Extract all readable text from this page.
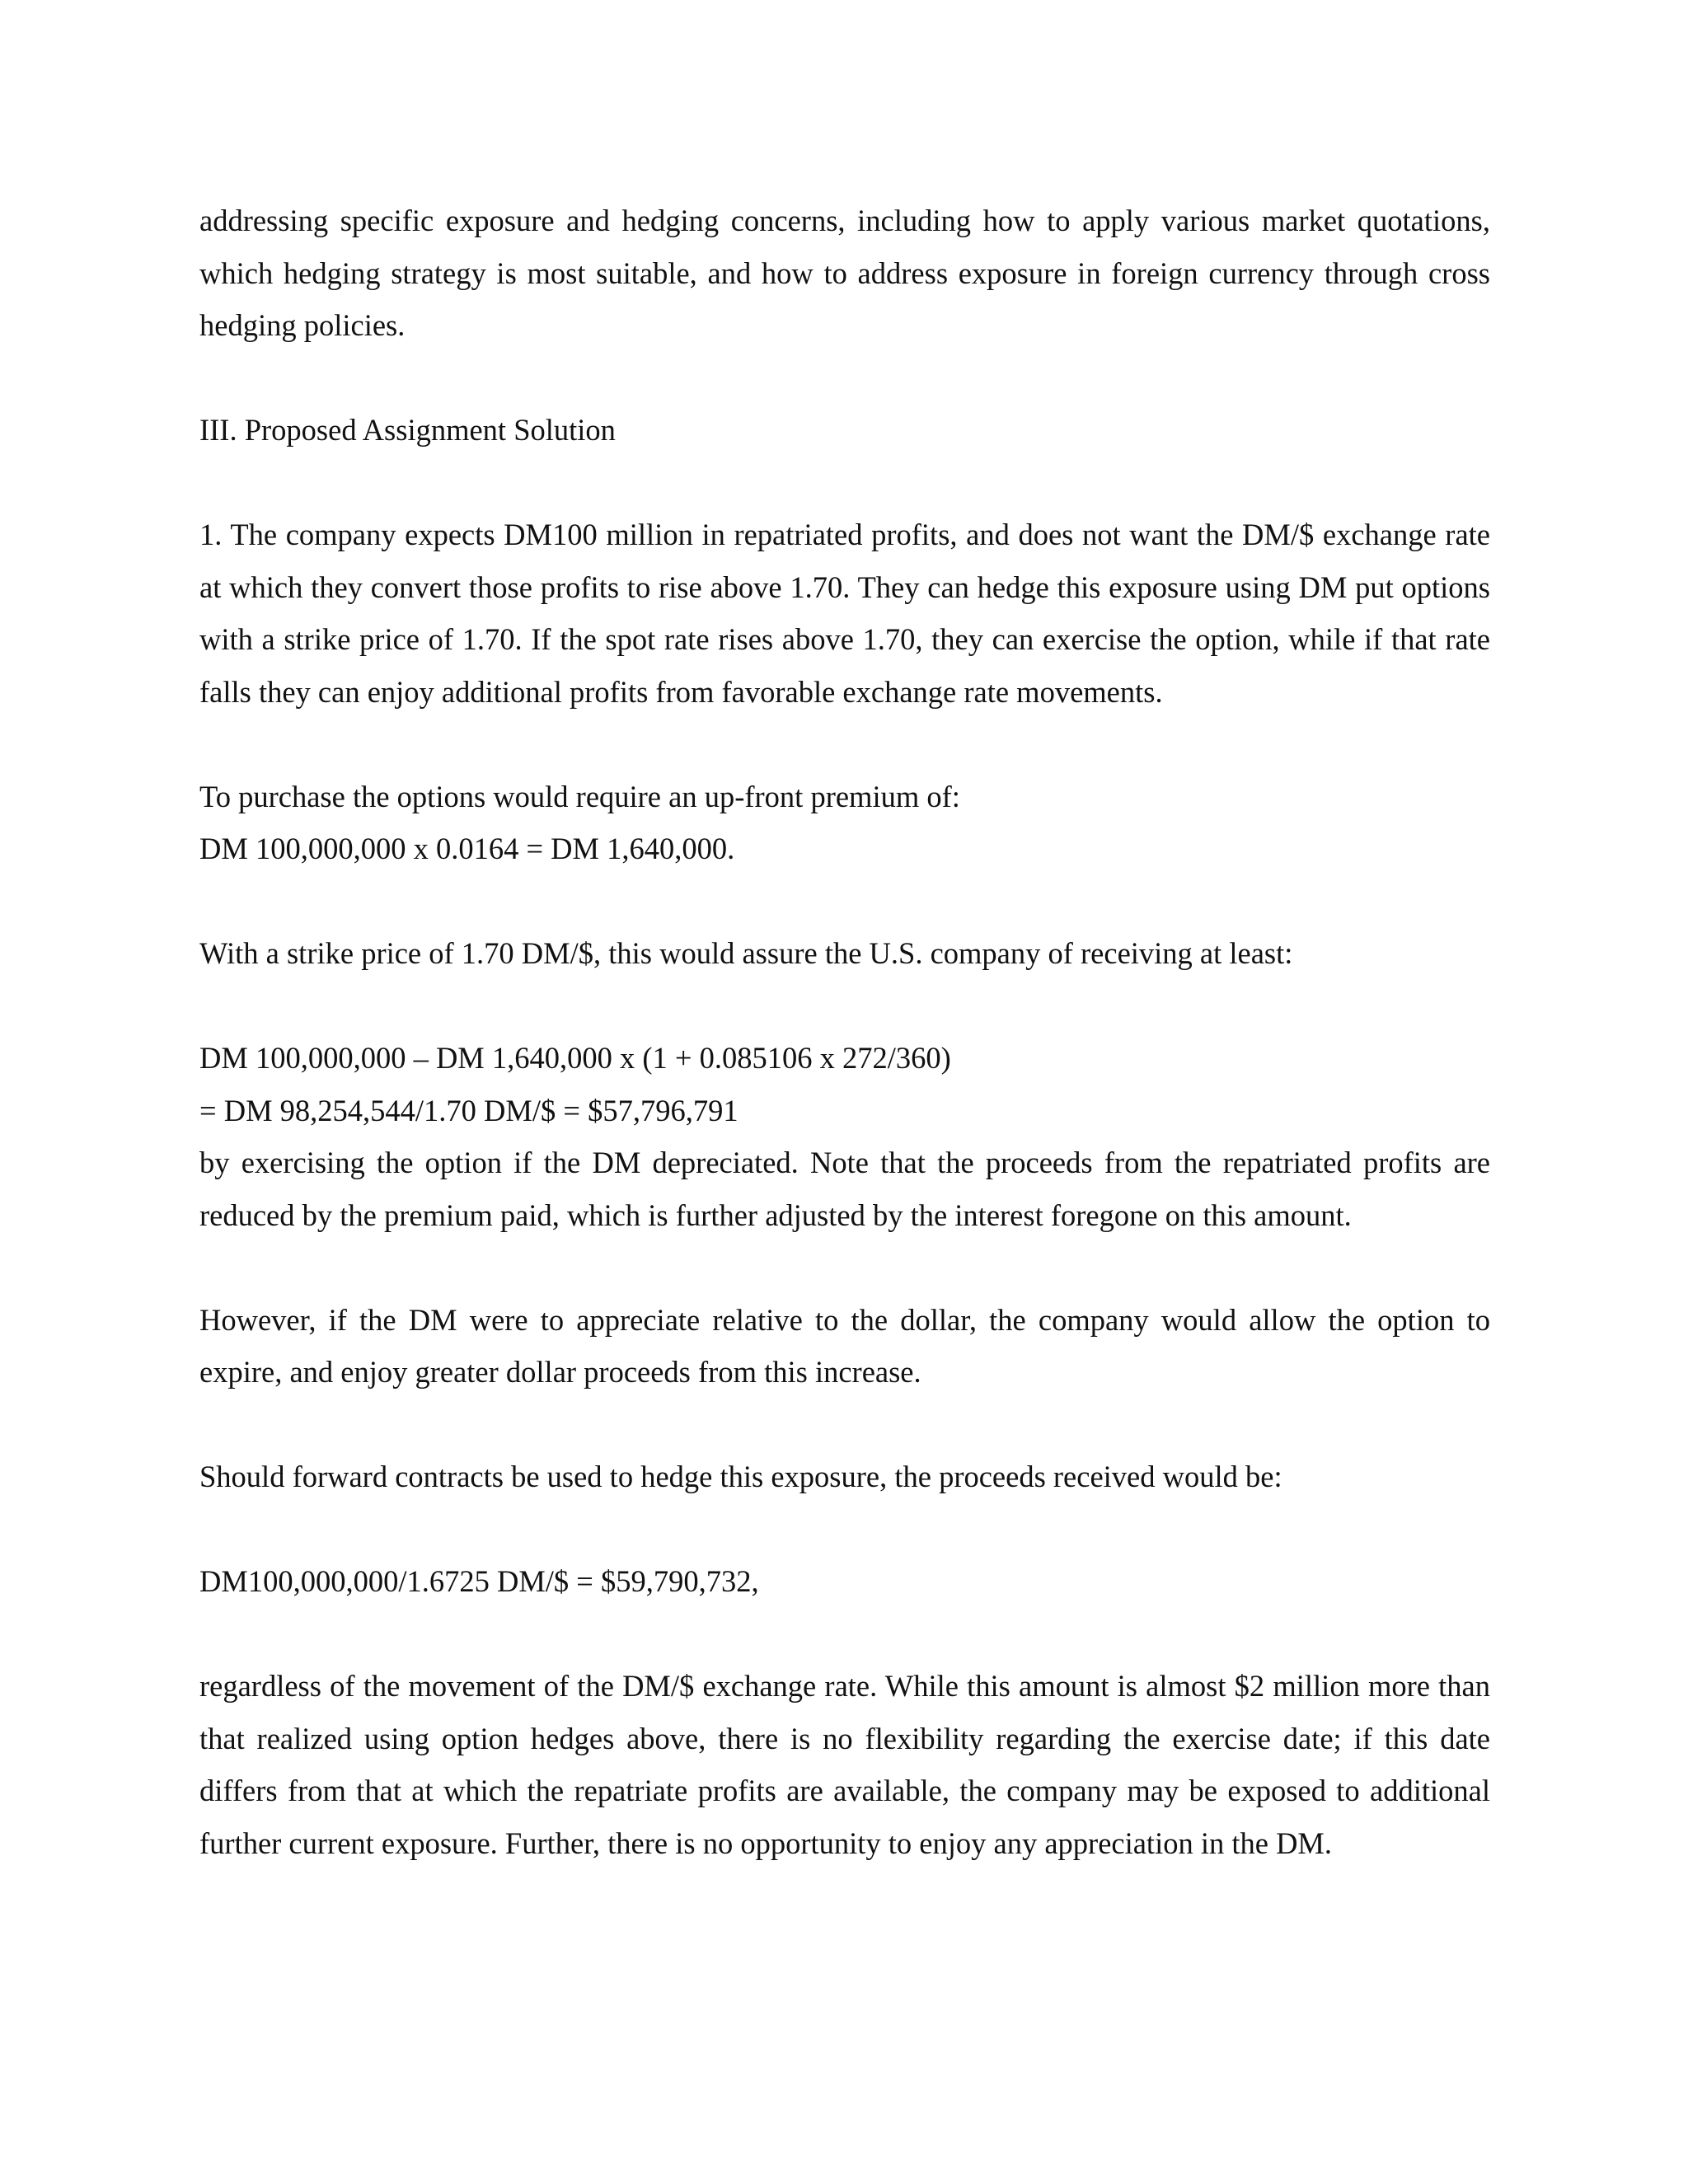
addressing specific exposure and hedging concerns, including how to apply various market quotations, which hedging strategy is most suitable, and how to address exposure in foreign currency through cross hedging policies.

III. Proposed Assignment Solution

1. The company expects DM100 million in repatriated profits, and does not want the DM/$ exchange rate at which they convert those profits to rise above 1.70. They can hedge this exposure using DM put options with a strike price of 1.70. If the spot rate rises above 1.70, they can exercise the option, while if that rate falls they can enjoy additional profits from favorable exchange rate movements.

To purchase the options would require an up-front premium of:

DM 100,000,000 x 0.0164 = DM 1,640,000.

With a strike price of 1.70 DM/$, this would assure the U.S. company of receiving at least:

DM 100,000,000 – DM 1,640,000 x (1 + 0.085106 x 272/360)

= DM 98,254,544/1.70 DM/$ = $57,796,791

by exercising the option if the DM depreciated. Note that the proceeds from the repatriated profits are reduced by the premium paid, which is further adjusted by the interest foregone on this amount.

However, if the DM were to appreciate relative to the dollar, the company would allow the option to expire, and enjoy greater dollar proceeds from this increase.

Should forward contracts be used to hedge this exposure, the proceeds received would be:

DM100,000,000/1.6725 DM/$ = $59,790,732,

regardless of the movement of the DM/$ exchange rate. While this amount is almost $2 million more than that realized using option hedges above, there is no flexibility regarding the exercise date; if this date differs from that at which the repatriate profits are available, the company may be exposed to additional further current exposure. Further, there is no opportunity to enjoy any appreciation in the DM.
